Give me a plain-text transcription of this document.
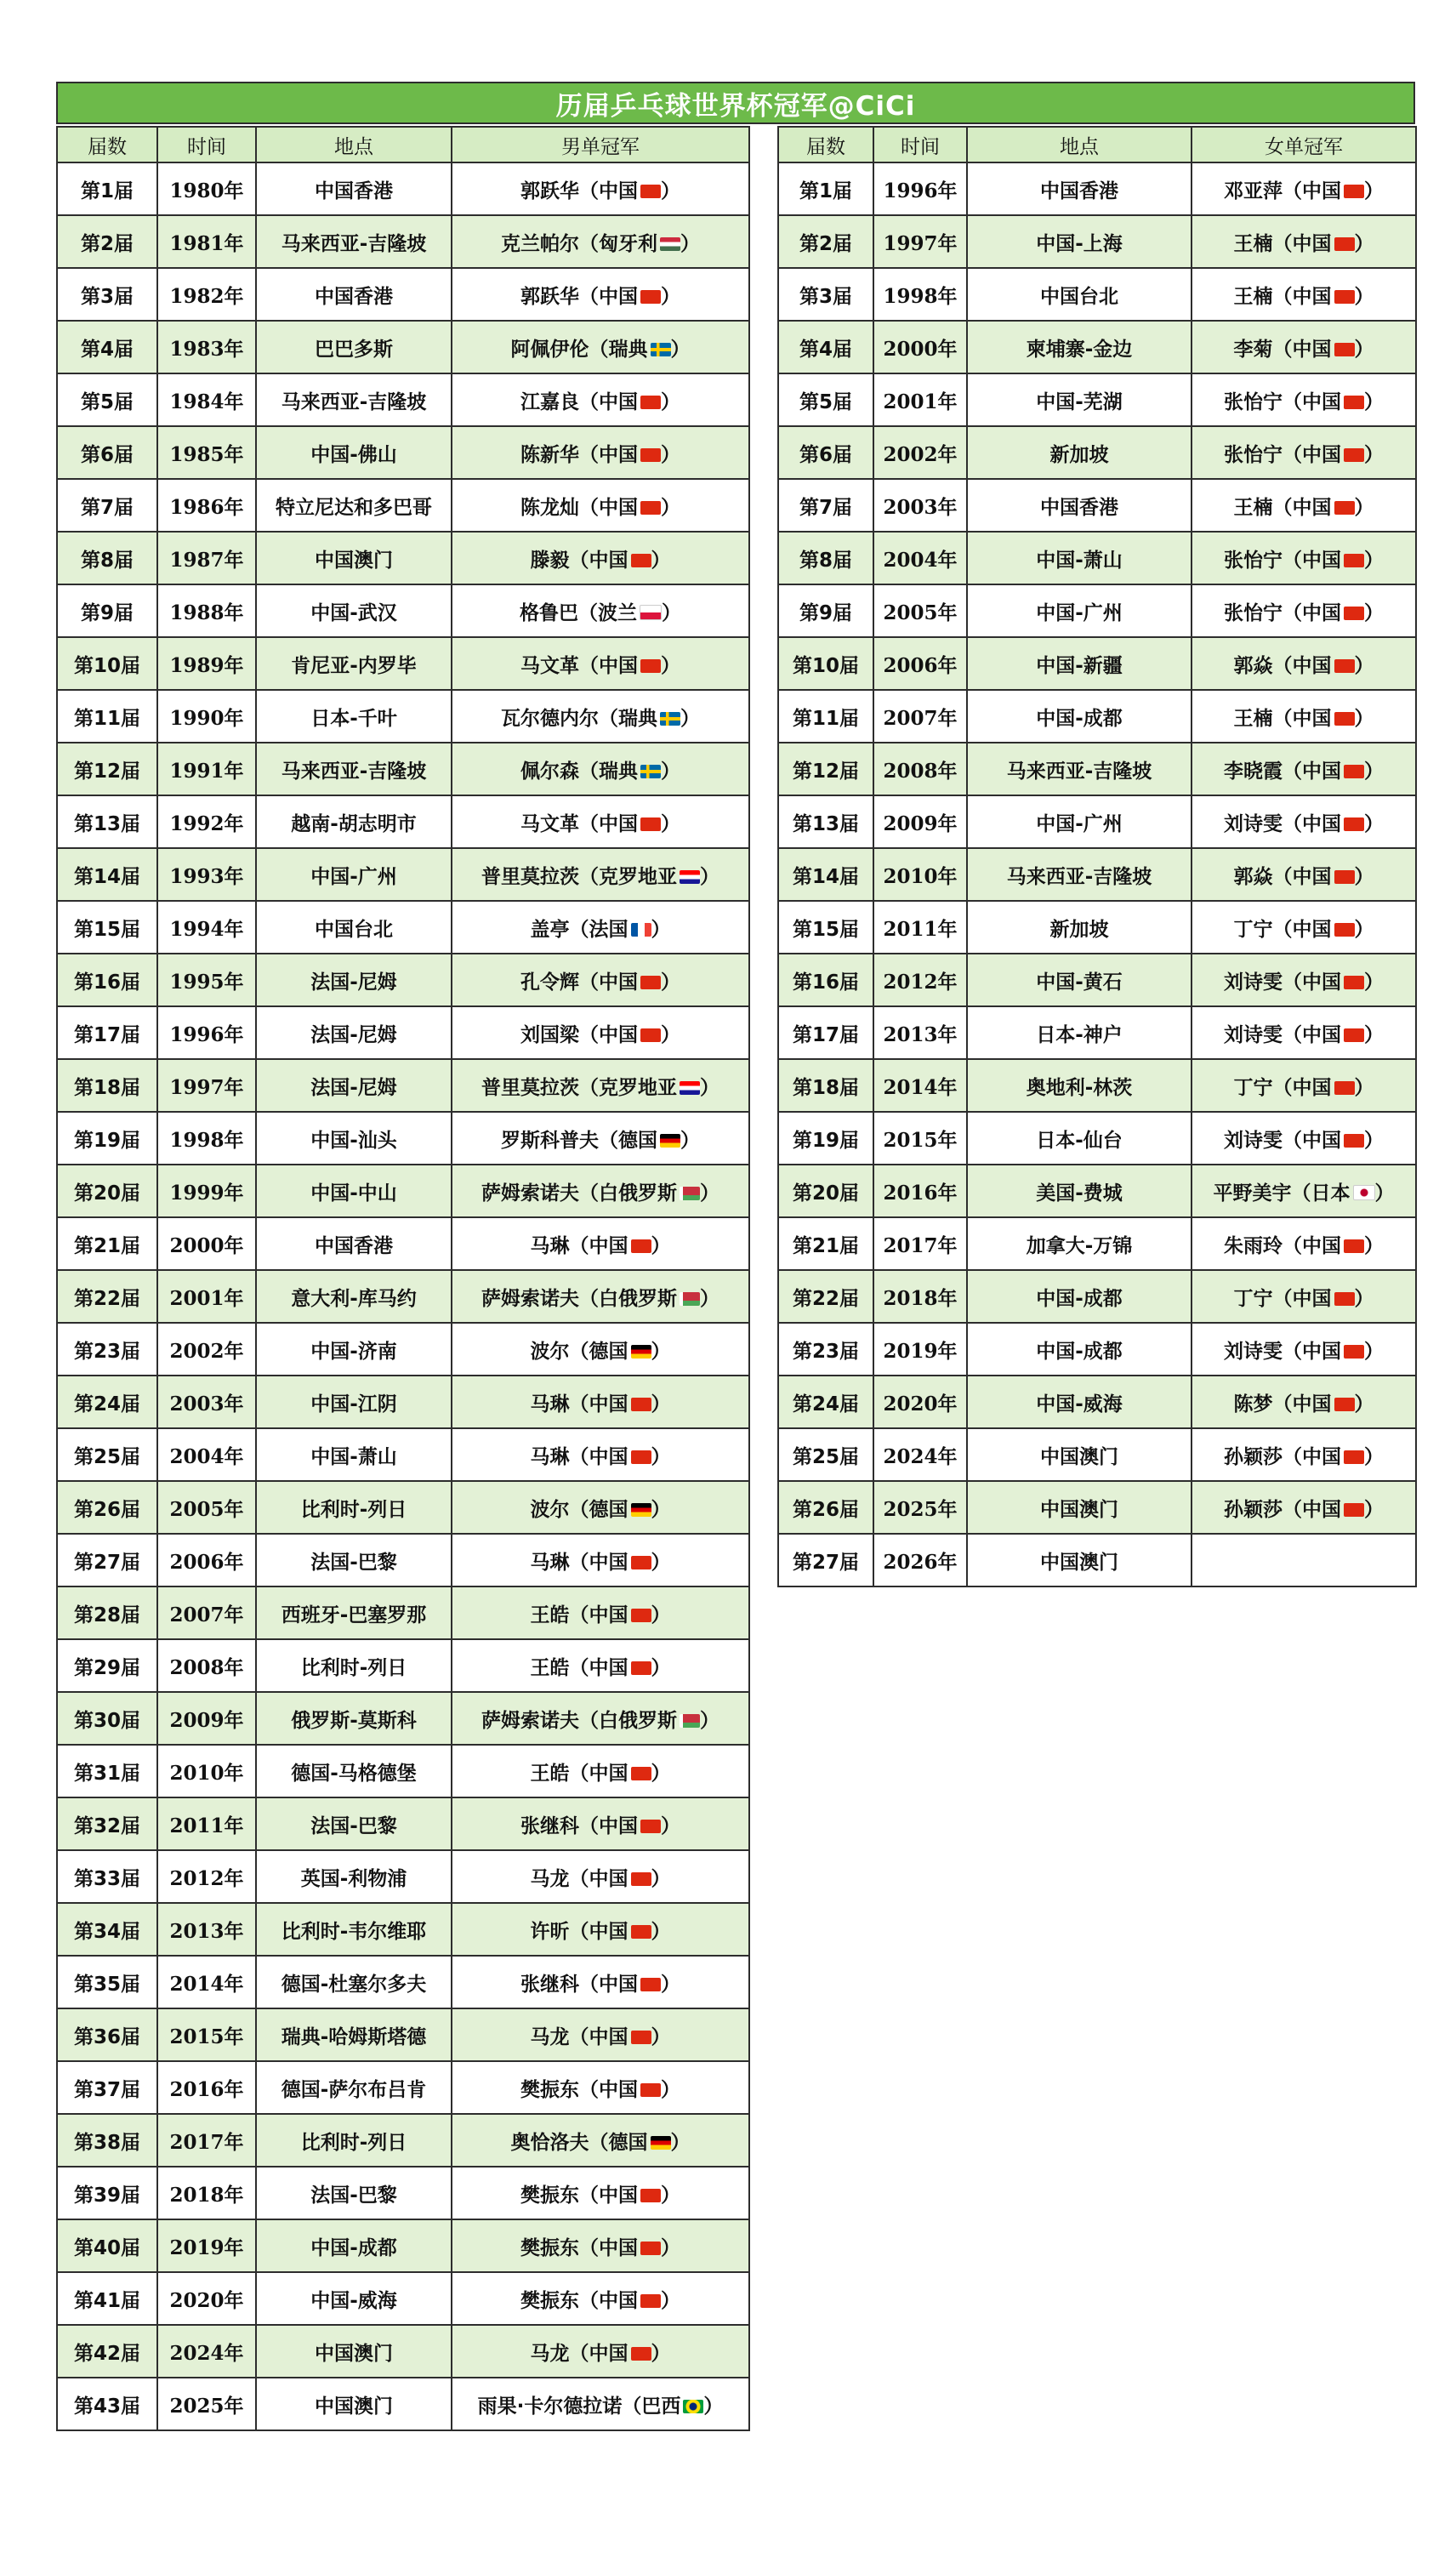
历届乒乓球世界杯冠军@CiCi
届数	时间	地点	男单冠军
第1届	1980年	中国香港	郭跃华（中国 ）
第2届	1981年	马来西亚-吉隆坡	克兰帕尔（匈牙利 ）
第3届	1982年	中国香港	郭跃华（中国 ）
第4届	1983年	巴巴多斯	阿佩伊伦（瑞典 ）
第5届	1984年	马来西亚-吉隆坡	江嘉良（中国 ）
第6届	1985年	中国-佛山	陈新华（中国 ）
第7届	1986年	特立尼达和多巴哥	陈龙灿（中国 ）
第8届	1987年	中国澳门	滕毅（中国 ）
第9届	1988年	中国-武汉	格鲁巴（波兰 ）
第10届	1989年	肯尼亚-内罗毕	马文革（中国 ）
第11届	1990年	日本-千叶	瓦尔德内尔（瑞典 ）
第12届	1991年	马来西亚-吉隆坡	佩尔森（瑞典 ）
第13届	1992年	越南-胡志明市	马文革（中国 ）
第14届	1993年	中国-广州	普里莫拉茨（克罗地亚 ）
第15届	1994年	中国台北	盖亭（法国 ）
第16届	1995年	法国-尼姆	孔令辉（中国 ）
第17届	1996年	法国-尼姆	刘国梁（中国 ）
第18届	1997年	法国-尼姆	普里莫拉茨（克罗地亚 ）
第19届	1998年	中国-汕头	罗斯科普夫（德国 ）
第20届	1999年	中国-中山	萨姆索诺夫（白俄罗斯 ）
第21届	2000年	中国香港	马琳（中国 ）
第22届	2001年	意大利-库马约	萨姆索诺夫（白俄罗斯 ）
第23届	2002年	中国-济南	波尔（德国 ）
第24届	2003年	中国-江阴	马琳（中国 ）
第25届	2004年	中国-萧山	马琳（中国 ）
第26届	2005年	比利时-列日	波尔（德国 ）
第27届	2006年	法国-巴黎	马琳（中国 ）
第28届	2007年	西班牙-巴塞罗那	王皓（中国 ）
第29届	2008年	比利时-列日	王皓（中国 ）
第30届	2009年	俄罗斯-莫斯科	萨姆索诺夫（白俄罗斯 ）
第31届	2010年	德国-马格德堡	王皓（中国 ）
第32届	2011年	法国-巴黎	张继科（中国 ）
第33届	2012年	英国-利物浦	马龙（中国 ）
第34届	2013年	比利时-韦尔维耶	许昕（中国 ）
第35届	2014年	德国-杜塞尔多夫	张继科（中国 ）
第36届	2015年	瑞典-哈姆斯塔德	马龙（中国 ）
第37届	2016年	德国-萨尔布吕肯	樊振东（中国 ）
第38届	2017年	比利时-列日	奥恰洛夫（德国 ）
第39届	2018年	法国-巴黎	樊振东（中国 ）
第40届	2019年	中国-成都	樊振东（中国 ）
第41届	2020年	中国-威海	樊振东（中国 ）
第42届	2024年	中国澳门	马龙（中国 ）
第43届	2025年	中国澳门	雨果·卡尔德拉诺（巴西 ）
届数	时间	地点	女单冠军
第1届	1996年	中国香港	邓亚萍（中国 ）
第2届	1997年	中国-上海	王楠（中国 ）
第3届	1998年	中国台北	王楠（中国 ）
第4届	2000年	柬埔寨-金边	李菊（中国 ）
第5届	2001年	中国-芜湖	张怡宁（中国 ）
第6届	2002年	新加坡	张怡宁（中国 ）
第7届	2003年	中国香港	王楠（中国 ）
第8届	2004年	中国-萧山	张怡宁（中国 ）
第9届	2005年	中国-广州	张怡宁（中国 ）
第10届	2006年	中国-新疆	郭焱（中国 ）
第11届	2007年	中国-成都	王楠（中国 ）
第12届	2008年	马来西亚-吉隆坡	李晓霞（中国 ）
第13届	2009年	中国-广州	刘诗雯（中国 ）
第14届	2010年	马来西亚-吉隆坡	郭焱（中国 ）
第15届	2011年	新加坡	丁宁（中国 ）
第16届	2012年	中国-黄石	刘诗雯（中国 ）
第17届	2013年	日本-神户	刘诗雯（中国 ）
第18届	2014年	奥地利-林茨	丁宁（中国 ）
第19届	2015年	日本-仙台	刘诗雯（中国 ）
第20届	2016年	美国-费城	平野美宇（日本 ）
第21届	2017年	加拿大-万锦	朱雨玲（中国 ）
第22届	2018年	中国-成都	丁宁（中国 ）
第23届	2019年	中国-成都	刘诗雯（中国 ）
第24届	2020年	中国-威海	陈梦（中国 ）
第25届	2024年	中国澳门	孙颖莎（中国 ）
第26届	2025年	中国澳门	孙颖莎（中国 ）
第27届	2026年	中国澳门	
